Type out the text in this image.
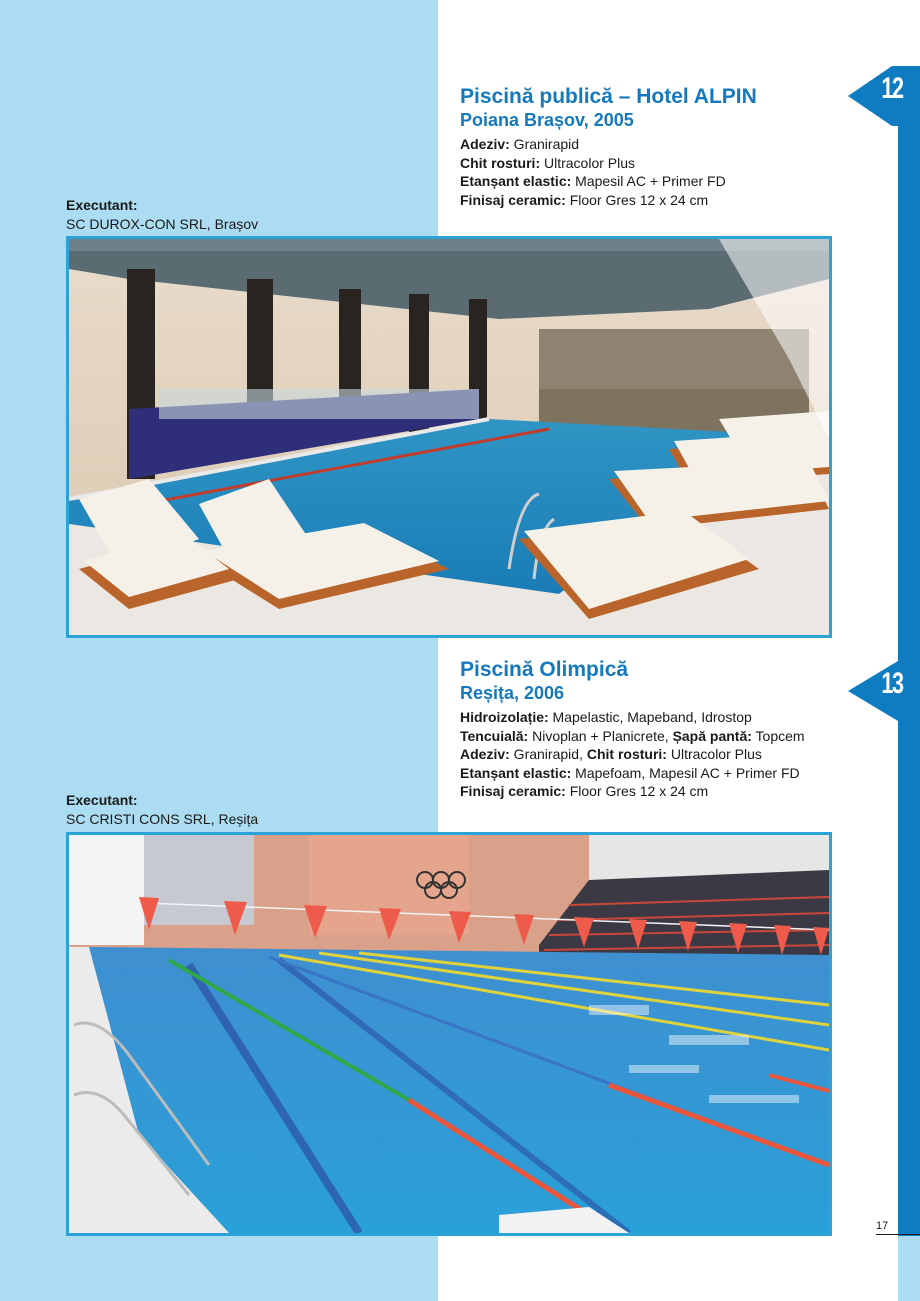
12
Piscină publică – Hotel ALPIN
Poiana Brașov, 2005

Adeziv: Granirapid

Chit rosturi: Ultracolor Plus

Etanșant elastic: Mapesil AC + Primer FD

Finisaj ceramic: Floor Gres 12 x 24 cm

Executant:
SC DUROX-CON SRL, Brașov
13
Piscină Olimpică
Reșița, 2006

Hidroizolație: Mapelastic, Mapeband, Idrostop

Tencuială: Nivoplan + Planicrete, Șapă pantă: Topcem

Adeziv: Granirapid, Chit rosturi: Ultracolor Plus

Etanșant elastic: Mapefoam, Mapesil AC + Primer FD

Finisaj ceramic: Floor Gres 12 x 24 cm

Executant:
SC CRISTI CONS SRL, Reșița
17
